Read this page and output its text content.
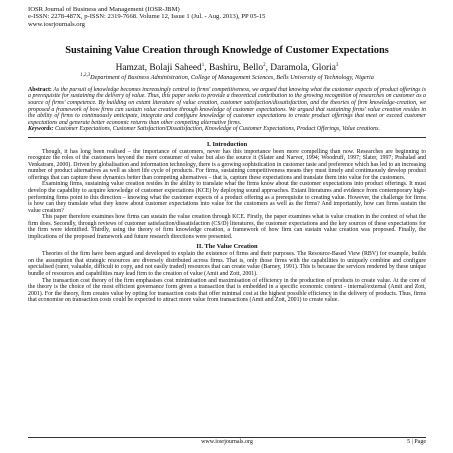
IOSR Journal of Business and Management (IOSR-JBM)
e-ISSN: 2278-487X, p-ISSN: 2319-7668. Volume 12, Issue 1 (Jul. - Aug. 2013), PP 05-15
www.iosrjournals.org
Sustaining Value Creation through Knowledge of Customer Expectations
Hamzat, Bolaji Saheed$^1$, Bashiru, Bello$^2$, Daramola, Gloria$^3$
$^{1,2,3}$Department of Business Administration, College of Management Sciences, Bells University of Technology, Nigeria
Abstract: As the pursuit of knowledge becomes increasingly central to firms' competitiveness, we argued that knowing what the customer expects of product offerings is a prerequisite for sustaining the delivery of value. Thus, this paper seeks to provide a theoretical contribution to the growing recognition of researches on customer as a source of firms' competence. By building on extant literature of value creation, customer satisfaction/dissatisfaction, and the theories of firm knowledge-creation, we proposed a framework of how firms can sustain value creation through knowledge of customer expectations. We argued that sustaining firms' value creation resides in the ability of firms to continuously anticipate, integrate and configure knowledge of customer expectations to create product offerings that meet or exceed customer expectations and generate better economic returns than other competing alternative firms.
Keywords: Customer Expectations, Customer Satisfaction/Dissatisfaction, Knowledge of Customer Expectations, Product Offerings, Value creations.
I. Introduction

Though, it has long been realised – the importance of customers, never has this importance been more compelling than now. Researches are beginning to recognize the roles of the customers beyond the mere consumer of value but also the source it (Slater and Narver, 1994; Woodruff, 1997; Slater, 1997; Prahalad and Venkatram, 2000). Driven by globalisation and information technology, there is a growing sophistication in customer taste and preference which has led to an increasing number of product alternatives as well as short life cycle of products. For firms, sustaining competitiveness means they must timely and continuously develop product offerings that can capture these dynamics better than competing alternatives – that is, capture these expectations and translate them into value for the customers.

Examining firms, sustaining value creation resides in the ability to translate what the firms know about the customer expectations into product offerings. It must develop the capability to acquire knowledge of customer expectations (KCE) by deploying sound approaches. Extant literatures and evidence from contemporary high-performing firms point to this direction – knowing what the customer expects of a product offering as a prerequisite to creating value. However, the challenge for firms is how can they translate what they know about customer expectations into value for the customers as well as the firms? And importantly, how can firms sustain the value creation?

This paper therefore examines how firms can sustain the value creation through KCE. Firstly, the paper examines what is value creation in the context of what the firm does. Secondly, through reviews of customer satisfaction/dissatisfaction (CS/D) literatures, the customer expectations and the key sources of these expectations for the firm were identified. Thirdly, using the theory of firm knowledge creation, a framework of how firm can sustain value creation was proposed. Finally, the implications of the proposed framework and future research directions were presented.

II. The Value Creation

Theories of the firm have been argued and developed to explain the existence of firms and their purposes. The Resource-Based View (RBV) for example, builds on the assumption that strategic resources are diversely distributed across firms. That is, only those firms with the capabilities to uniquely combine and configure specialised (rarer, valuable, difficult to copy, and not easily traded) resources that can create value (Barney, 1991). This is because the services rendered by these unique bundle of resources and capabilities may lead firm to the creation of value (Amit and Zott, 2001).

The transaction cost theory of the firm emphasises cost minimisation and maximisation of efficiency in the production of products to create value. At the core of the theory is the choice of the most efficient governance form given a transaction that is embedded in a specific economic context - internal/external (Amit and Zott, 2001). For the theory, firm creates value by opting for transaction costs that offer minimal cost at the highest possible efficiency in the delivery of products. Thus, firms that economise on transaction costs could be expected to attract more value from transactions (Amit and Zott, 2001) to create value.

www.iosrjournals.org	5 | Page
